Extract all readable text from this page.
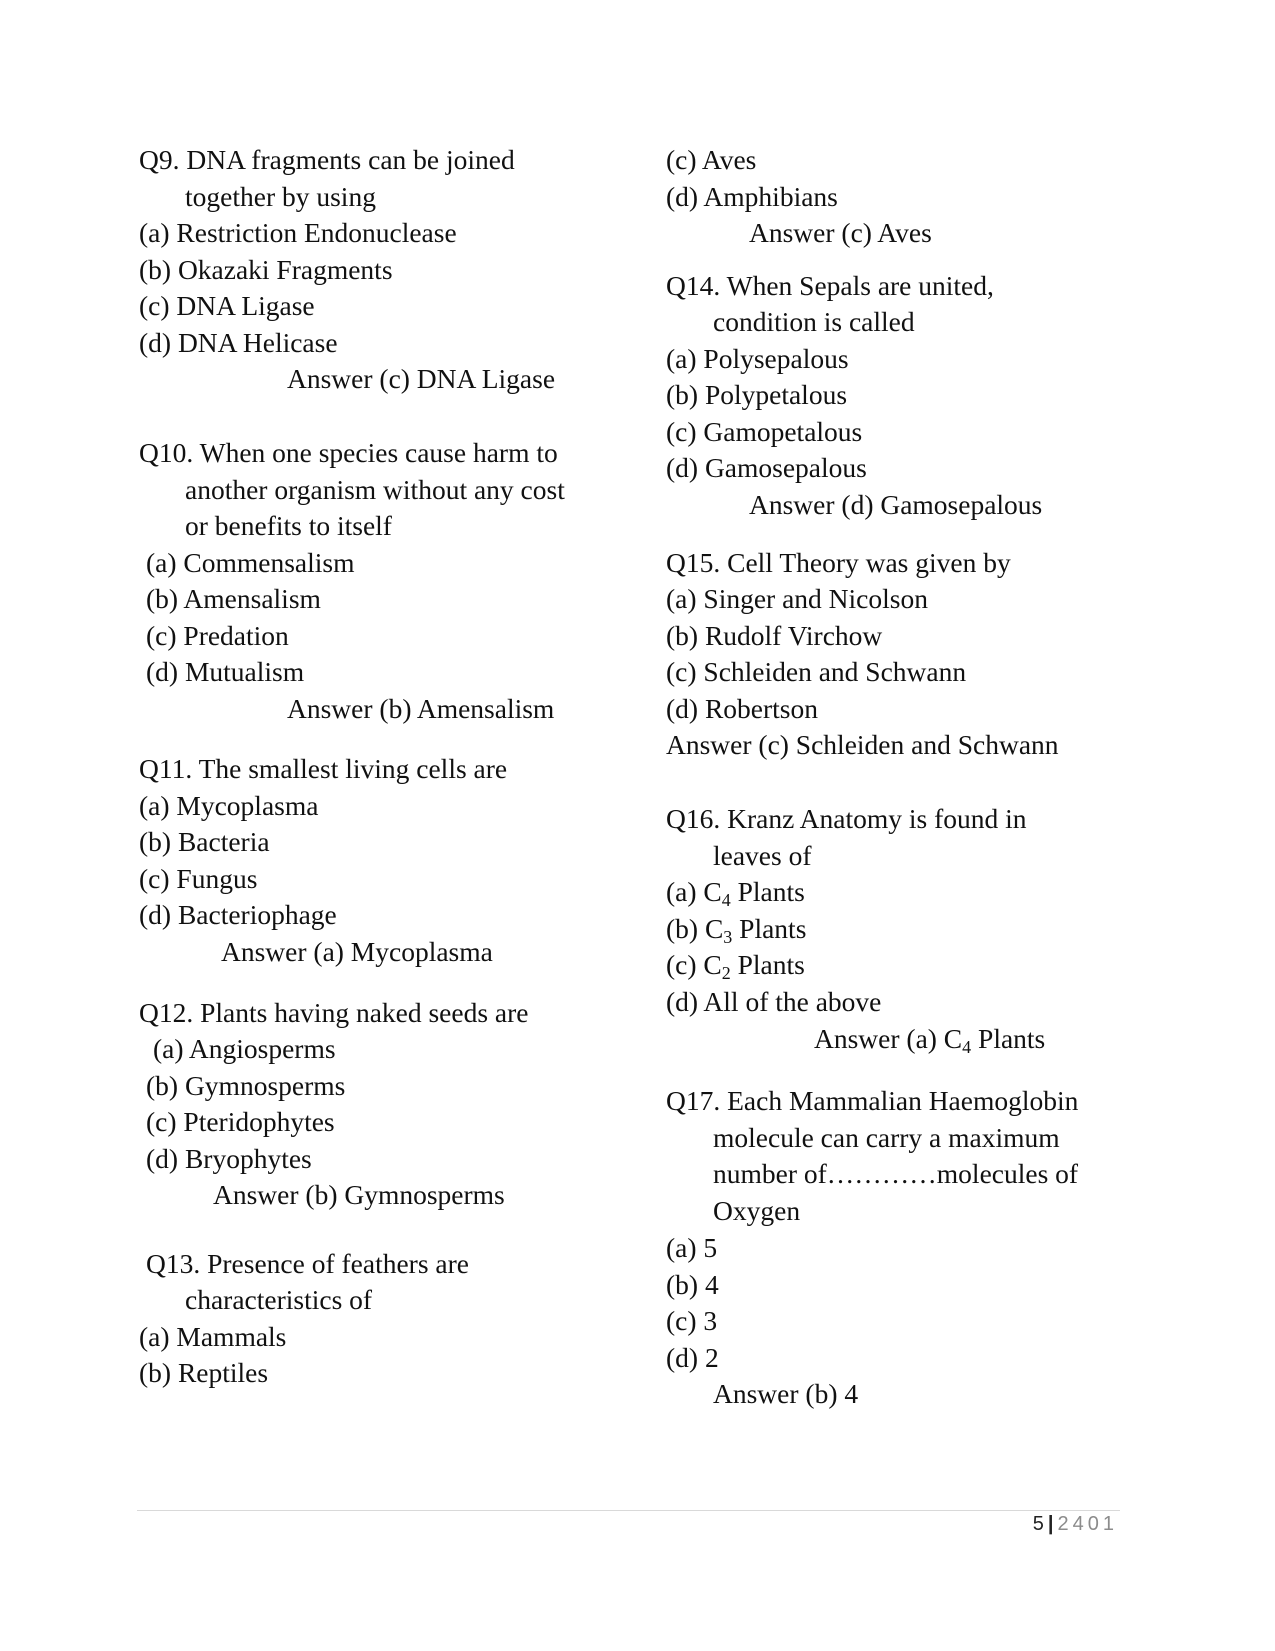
Q9. DNA fragments can be joined
together by using
(a) Restriction Endonuclease
(b) Okazaki Fragments
(c) DNA Ligase
(d) DNA Helicase
Answer (c) DNA Ligase
Q10. When one species cause harm to
another organism without any cost
or benefits to itself
(a) Commensalism
(b) Amensalism
(c) Predation
(d) Mutualism
Answer (b) Amensalism
Q11. The smallest living cells are
(a) Mycoplasma
(b) Bacteria
(c) Fungus
(d) Bacteriophage
Answer (a) Mycoplasma
Q12. Plants having naked seeds are
(a) Angiosperms
(b) Gymnosperms
(c) Pteridophytes
(d) Bryophytes
Answer (b) Gymnosperms
Q13. Presence of feathers are
characteristics of
(a) Mammals
(b) Reptiles
(c) Aves
(d) Amphibians
Answer (c) Aves
Q14. When Sepals are united,
condition is called
(a) Polysepalous
(b) Polypetalous
(c) Gamopetalous
(d) Gamosepalous
Answer (d) Gamosepalous
Q15. Cell Theory was given by
(a) Singer and Nicolson
(b) Rudolf Virchow
(c) Schleiden and Schwann
(d) Robertson
Answer (c) Schleiden and Schwann
Q16. Kranz Anatomy is found in
leaves of
(a) $C_4$ Plants
(b) $C_3$ Plants
(c) $C_2$ Plants
(d) All of the above
Answer (a) $C_4$ Plants
Q17. Each Mammalian Haemoglobin
molecule can carry a maximum
number of…………molecules of
Oxygen
(a) 5
(b) 4
(c) 3
(d) 2
Answer (b) 4
5 | 2401
